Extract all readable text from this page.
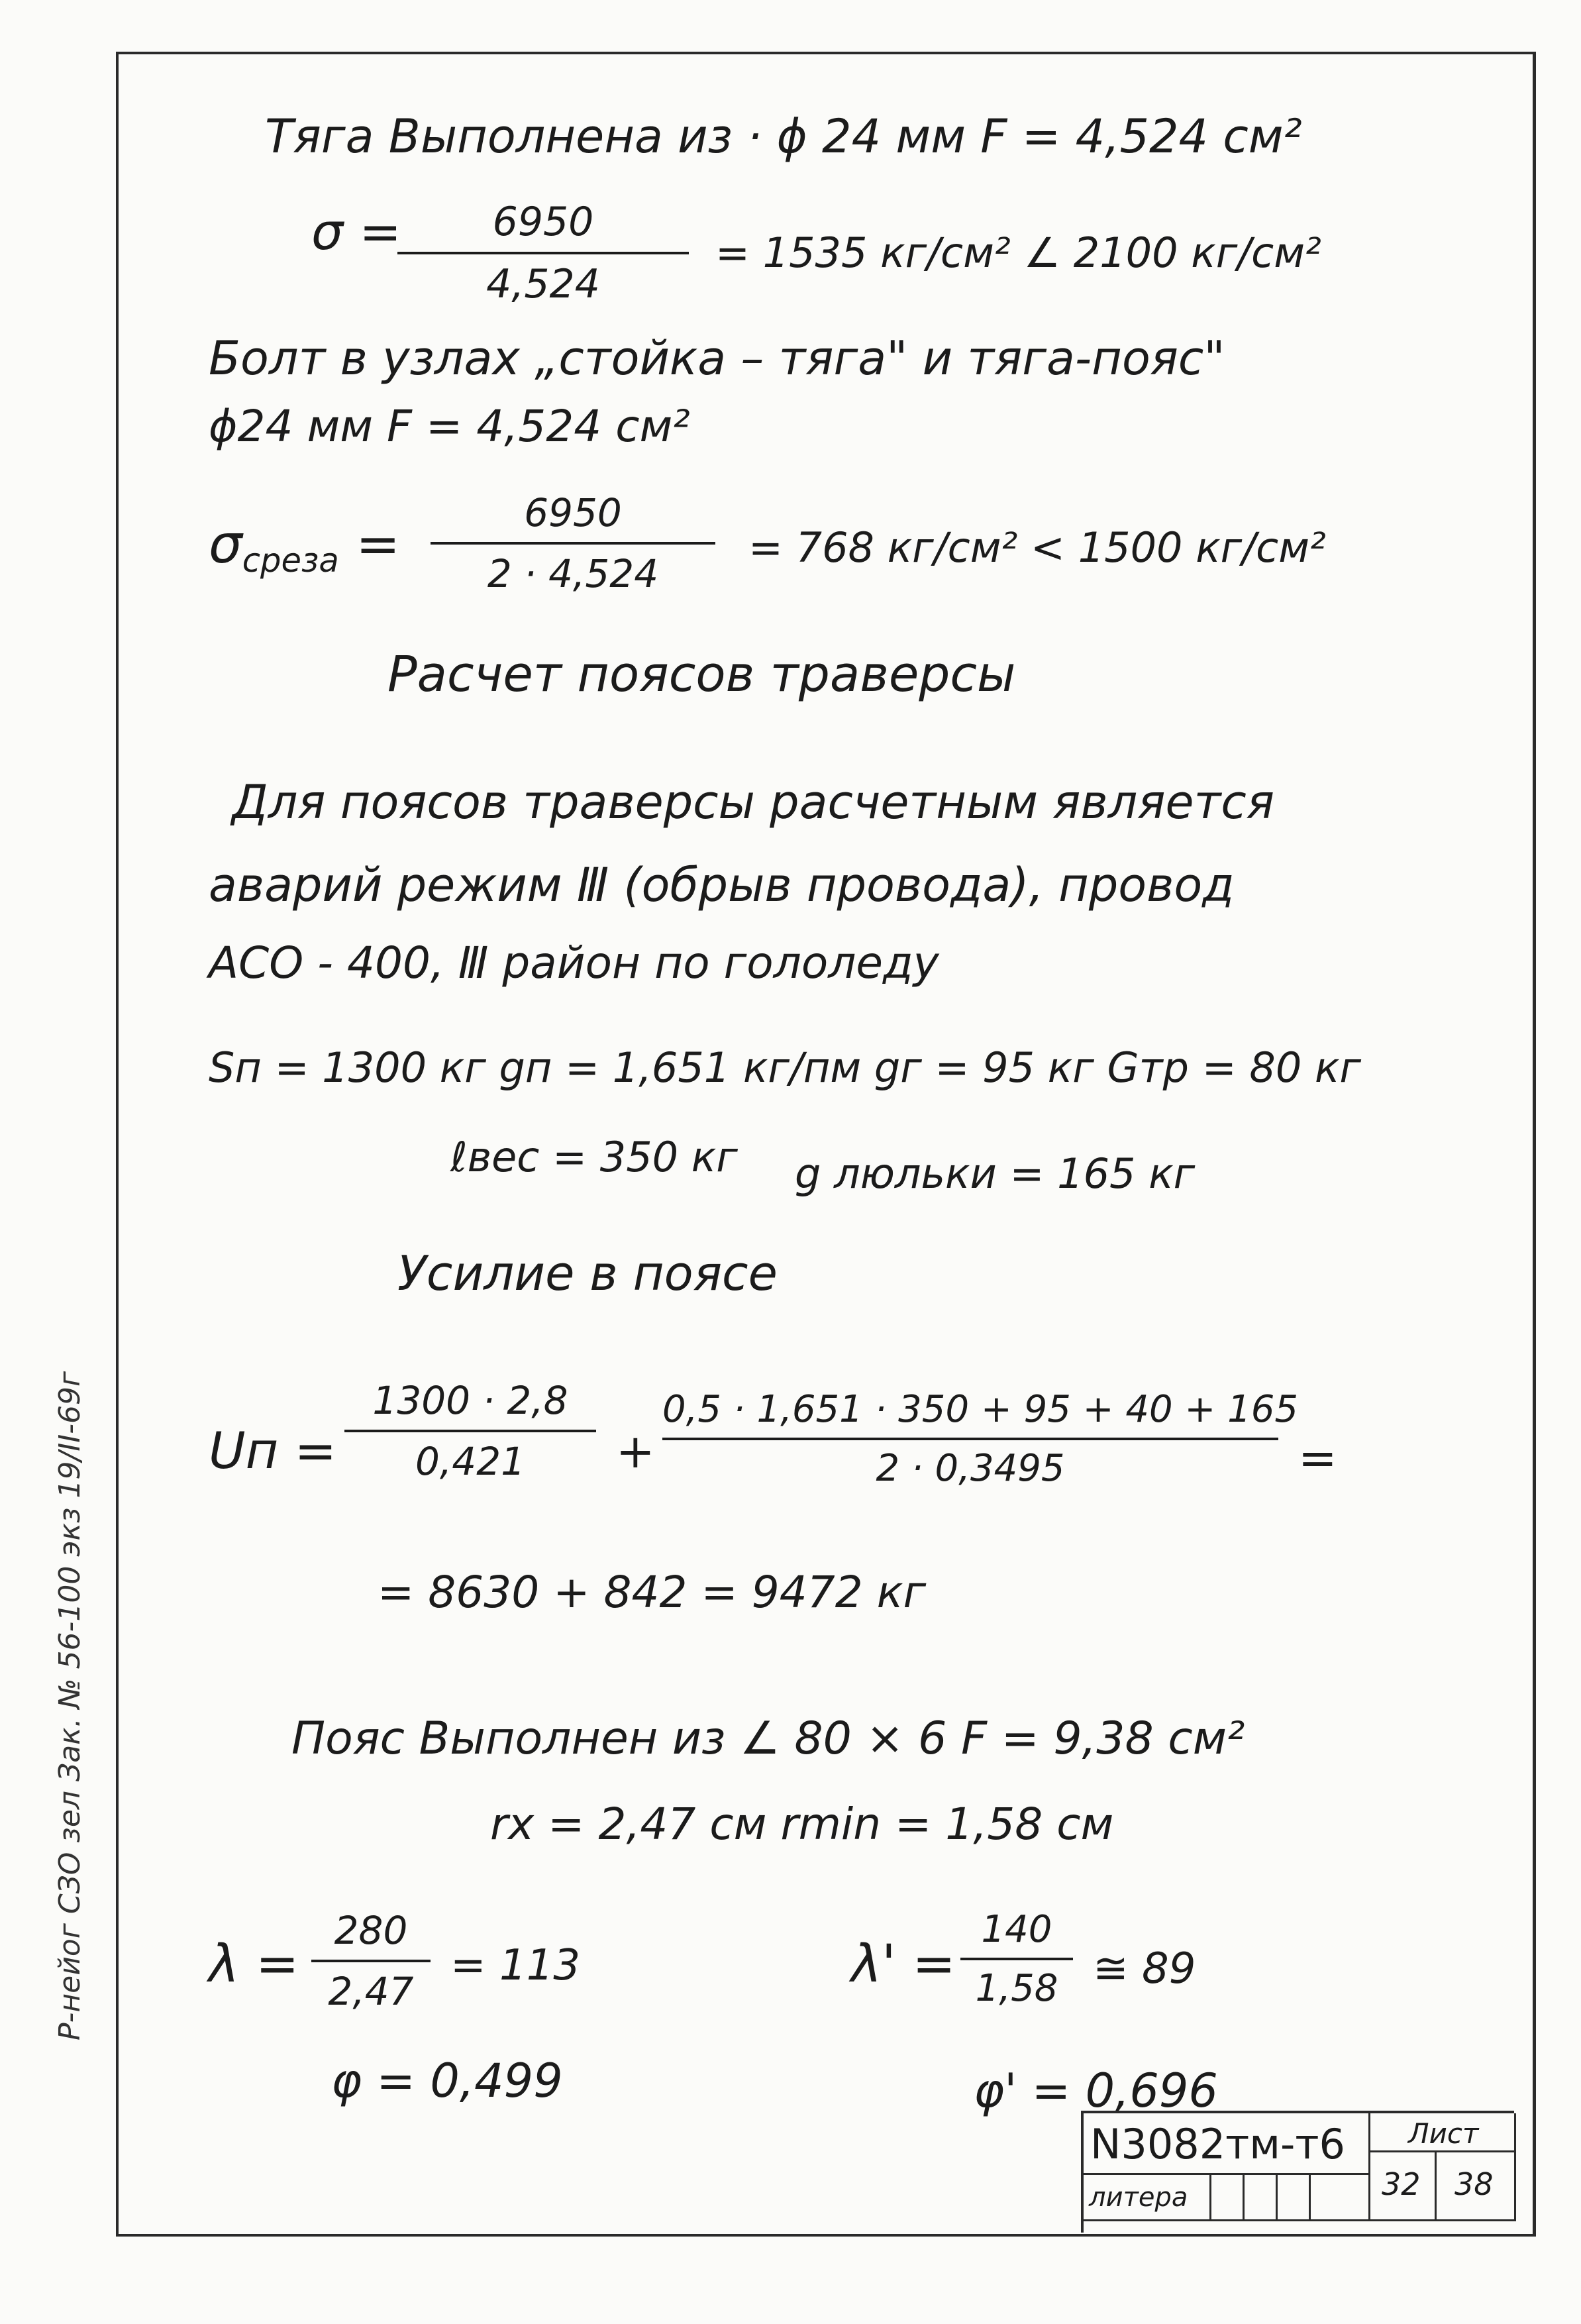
Тяга Выполнена из · ϕ 24 мм F = 4,524 см²
σ =	6950
4,524
= 1535 кг/см² ∠ 2100 кг/см²
Болт в узлах „стойка – тяга" и тяга-пояс"
ϕ24 мм F = 4,524 см²
σсреза =
6950
2 · 4,524
= 768 кг/см² < 1500 кг/см²
Расчет поясов траверсы
Для поясов траверсы расчетным является
аварий режим Ⅲ (обрыв провода), провод
АСО - 400, Ⅲ район по гололеду
Sп = 1300 кг gп = 1,651 кг/пм gг = 95 кг Gтр = 80 кг
ℓвес = 350 кг g люльки = 165 кг
Усилие в поясе
Uп =
1300 · 2,8
0,421	+
0,5 · 1,651 · 350 + 95 + 40 + 165
2 · 0,3495	=
= 8630 + 842 = 9472 кг
Пояс Выполнен из ∠ 80 × 6 F = 9,38 см²
rx = 2,47 см rmin = 1,58 см
λ =
280
2,47
= 113	λ' =
140
1,58 ≅ 89
φ = 0,499	φ' = 0,696
Р-нейог СЗО зел Зак. № 56-100 экз 19/II-69г
N3082тм-т6 Лист
литера	32 38
